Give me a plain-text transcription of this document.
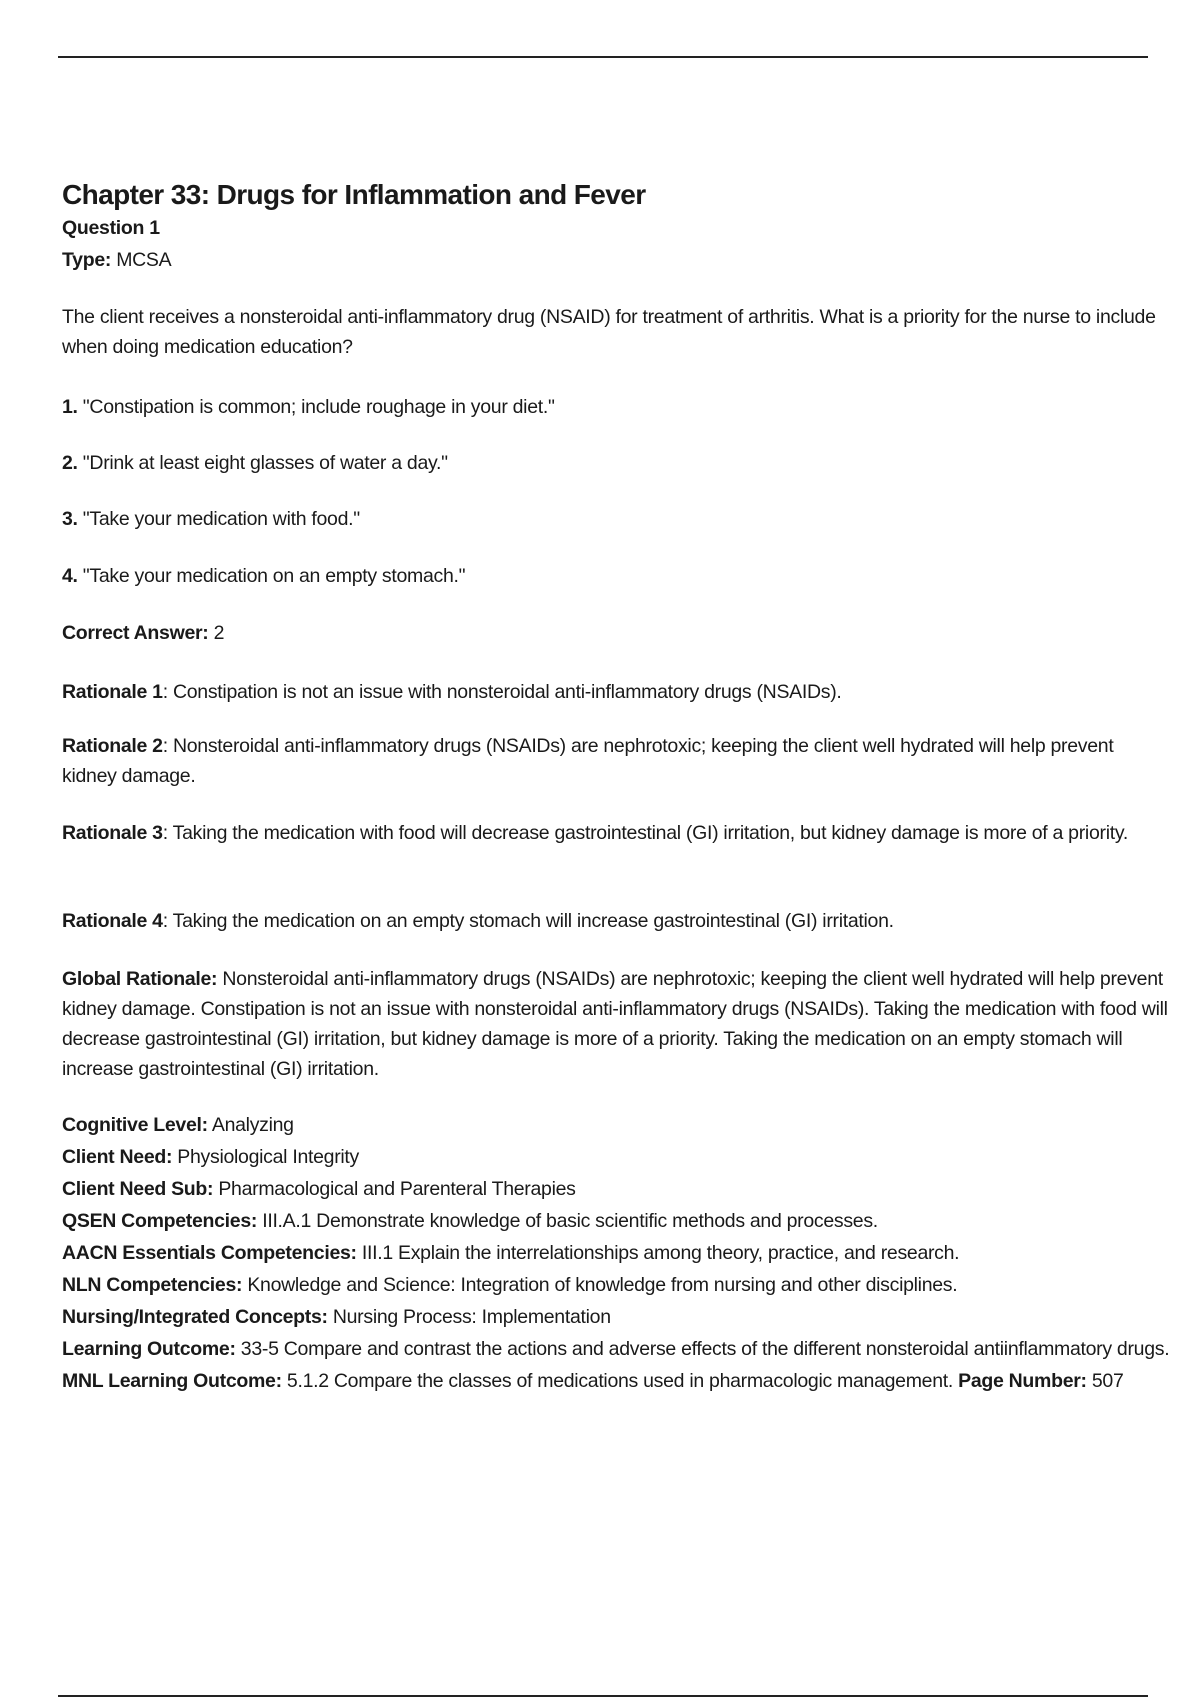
Chapter 33: Drugs for Inflammation and Fever
Question 1
Type: MCSA
The client receives a nonsteroidal anti-inflammatory drug (NSAID) for treatment of arthritis. What is a priority for the nurse to include when doing medication education?
1. "Constipation is common; include roughage in your diet."
2. "Drink at least eight glasses of water a day."
3. "Take your medication with food."
4. "Take your medication on an empty stomach."
Correct Answer: 2
Rationale 1: Constipation is not an issue with nonsteroidal anti-inflammatory drugs (NSAIDs).
Rationale 2: Nonsteroidal anti-inflammatory drugs (NSAIDs) are nephrotoxic; keeping the client well hydrated will help prevent kidney damage.
Rationale 3: Taking the medication with food will decrease gastrointestinal (GI) irritation, but kidney damage is more of a priority.
Rationale 4: Taking the medication on an empty stomach will increase gastrointestinal (GI) irritation.
Global Rationale: Nonsteroidal anti-inflammatory drugs (NSAIDs) are nephrotoxic; keeping the client well hydrated will help prevent kidney damage. Constipation is not an issue with nonsteroidal anti-inflammatory drugs (NSAIDs). Taking the medication with food will decrease gastrointestinal (GI) irritation, but kidney damage is more of a priority. Taking the medication on an empty stomach will increase gastrointestinal (GI) irritation.
Cognitive Level: Analyzing
Client Need: Physiological Integrity
Client Need Sub: Pharmacological and Parenteral Therapies
QSEN Competencies: III.A.1 Demonstrate knowledge of basic scientific methods and processes.
AACN Essentials Competencies: III.1 Explain the interrelationships among theory, practice, and research.
NLN Competencies: Knowledge and Science: Integration of knowledge from nursing and other disciplines.
Nursing/Integrated Concepts: Nursing Process: Implementation
Learning Outcome: 33-5 Compare and contrast the actions and adverse effects of the different nonsteroidal antiinflammatory drugs.
MNL Learning Outcome: 5.1.2 Compare the classes of medications used in pharmacologic management. Page Number: 507
